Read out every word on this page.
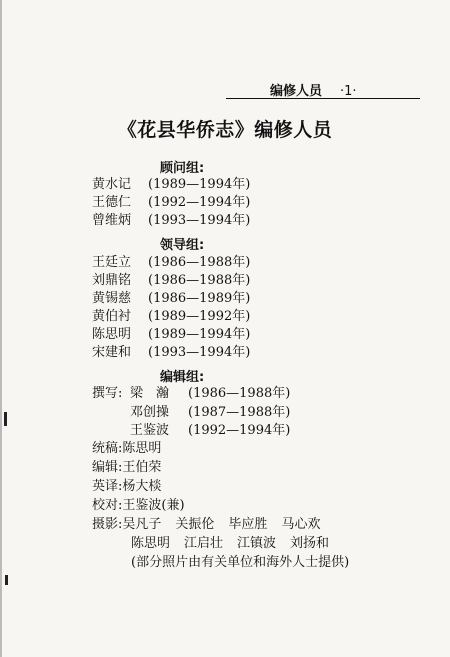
编修人员 ·1·
《花县华侨志》编修人员
顾问组:
黄水记 (1989—1994年)
王德仁 (1992—1994年)
曾维炳 (1993—1994年)
领导组:
王廷立 (1986—1988年)
刘鼎铭 (1986—1988年)
黄锡慈 (1986—1989年)
黄伯衬 (1989—1992年)
陈思明 (1989—1994年)
宋建和 (1993—1994年)
编辑组:
撰写: 梁　瀚 (1986—1988年)
邓创操 (1987—1988年)
王鉴波 (1992—1994年)
统稿:陈思明
编辑:王伯荣
英译:杨大棪
校对:王鉴波(兼)
摄影:吴凡子 关振伦 毕应胜 马心欢
陈思明 江启壮 江镇波 刘扬和
(部分照片由有关单位和海外人士提供)
